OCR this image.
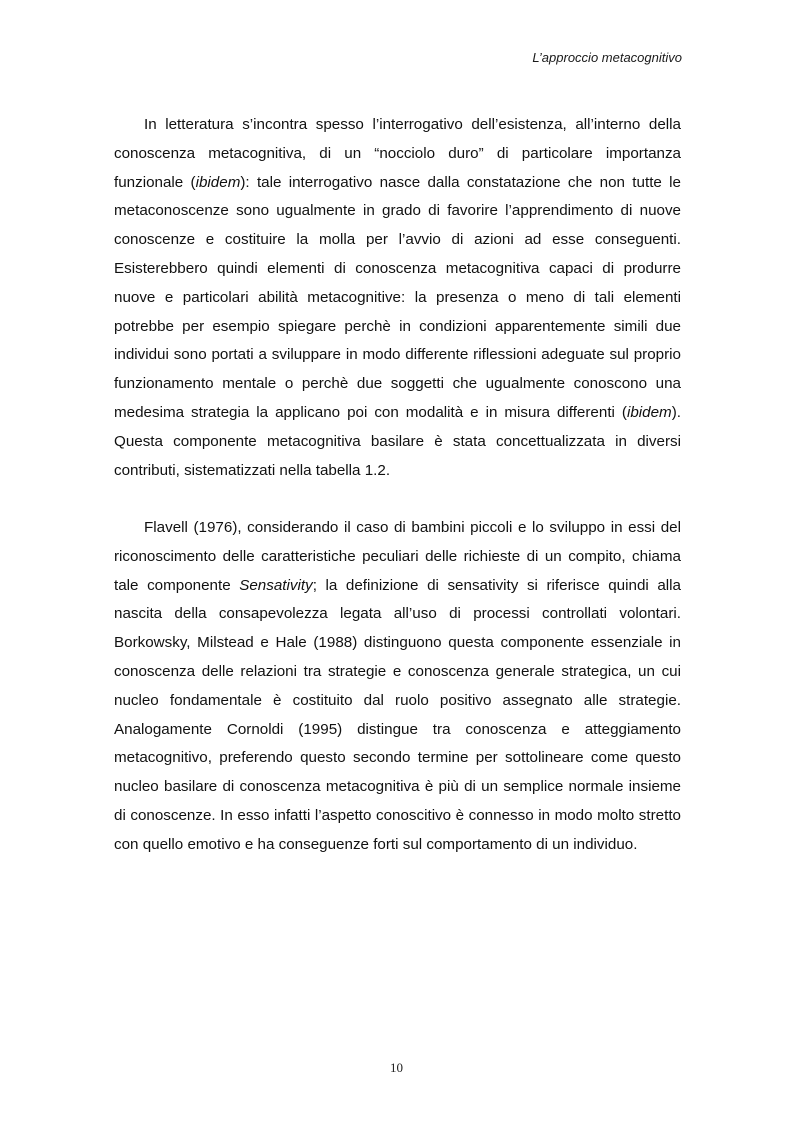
L’approccio metacognitivo

In letteratura s’incontra spesso l’interrogativo dell’esistenza, all’interno della conoscenza metacognitiva, di un “nocciolo duro” di particolare importanza funzionale (ibidem): tale interrogativo nasce dalla constatazione che non tutte le metaconoscenze sono ugualmente in grado di favorire l’apprendimento di nuove conoscenze e costituire la molla per l’avvio di azioni ad esse conseguenti. Esisterebbero quindi elementi di conoscenza metacognitiva capaci di produrre nuove e particolari abilità metacognitive: la presenza o meno di tali elementi potrebbe per esempio spiegare perchè in condizioni apparentemente simili due individui sono portati a sviluppare in modo differente riflessioni adeguate sul proprio funzionamento mentale o perchè due soggetti che ugualmente conoscono una medesima strategia la applicano poi con modalità e in misura differenti (ibidem). Questa componente metacognitiva basilare è stata concettualizzata in diversi contributi, sistematizzati nella tabella 1.2.

Flavell (1976), considerando il caso di bambini piccoli e lo sviluppo in essi del riconoscimento delle caratteristiche peculiari delle richieste di un compito, chiama tale componente Sensativity; la definizione di sensativity si riferisce quindi alla nascita della consapevolezza legata all’uso di processi controllati volontari. Borkowsky, Milstead e Hale (1988) distinguono questa componente essenziale in conoscenza delle relazioni tra strategie e conoscenza generale strategica, un cui nucleo fondamentale è costituito dal ruolo positivo assegnato alle strategie. Analogamente Cornoldi (1995) distingue tra conoscenza e atteggiamento metacognitivo, preferendo questo secondo termine per sottolineare come questo nucleo basilare di conoscenza metacognitiva è più di un semplice normale insieme di conoscenze. In esso infatti l’aspetto conoscitivo è connesso in modo molto stretto con quello emotivo e ha conseguenze forti sul comportamento di un individuo.

10
